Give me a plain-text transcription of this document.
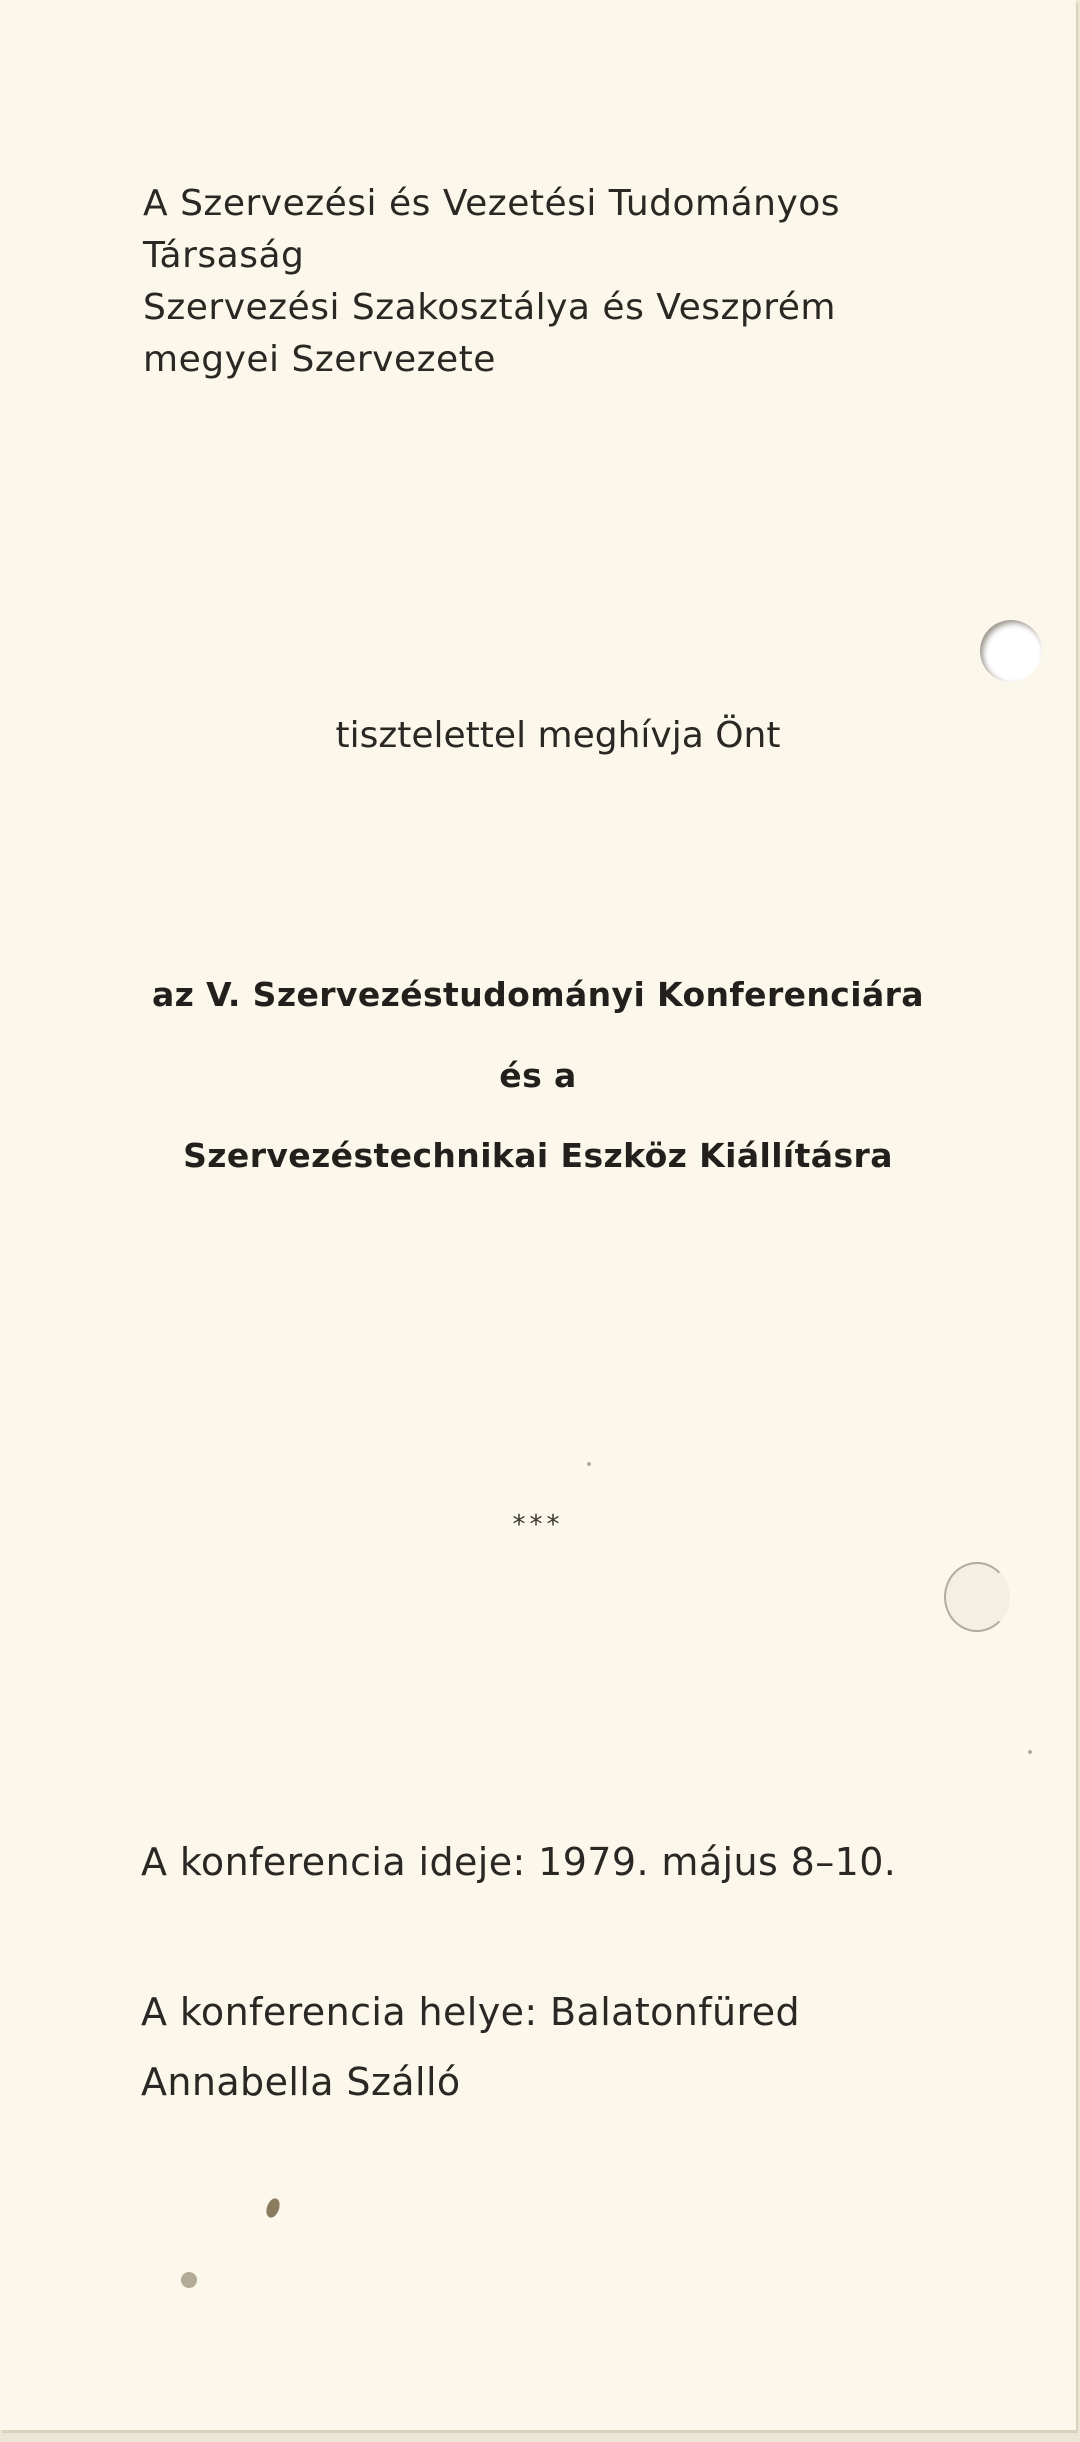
A Szervezési és Vezetési Tudományos
Társaság
Szervezési Szakosztálya és Veszprém
megyei Szervezete
tisztelettel meghívja Önt
az V. Szervezéstudományi Konferenciára
és a
Szervezéstechnikai Eszköz Kiállításra
***
A konferencia ideje: 1979. május 8–10.
A konferencia helye: Balatonfüred
Annabella Szálló
